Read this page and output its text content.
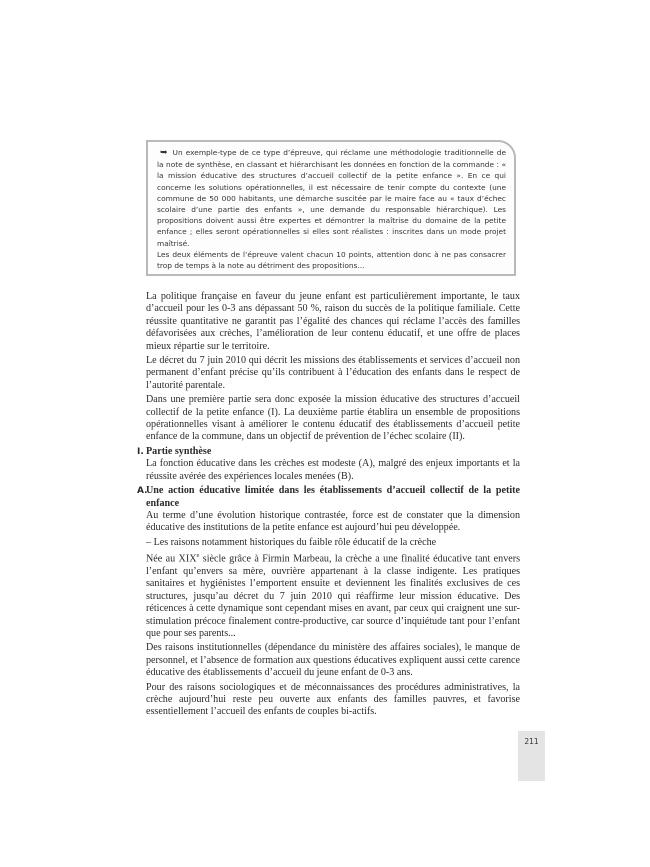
➥ Un exemple-type de ce type d’épreuve, qui réclame une méthodologie traditionnelle de la note de synthèse, en classant et hiérarchisant les données en fonction de la commande : « la mission éducative des structures d’accueil collectif de la petite enfance ». En ce qui concerne les solutions opérationnelles, il est nécessaire de tenir compte du contexte (une commune de 50 000 habitants, une démarche suscitée par le maire face au « taux d’échec scolaire d’une partie des enfants », une demande du responsable hiérarchique). Les propositions doivent aussi être expertes et démontrer la maîtrise du domaine de la petite enfance ; elles seront opérationnelles si elles sont réalistes : inscrites dans un mode projet maîtrisé.

Les deux éléments de l’épreuve valent chacun 10 points, attention donc à ne pas consacrer trop de temps à la note au détriment des propositions...

La politique française en faveur du jeune enfant est particulièrement importante, le taux d’accueil pour les 0-3 ans dépassant 50 %, raison du succès de la politique familiale. Cette réussite quantitative ne garantit pas l’égalité des chances qui réclame l’accès des familles défavorisées aux crèches, l’amélioration de leur contenu éducatif, et une offre de places mieux répartie sur le territoire.

Le décret du 7 juin 2010 qui décrit les missions des établissements et services d’accueil non permanent d’enfant précise qu’ils contribuent à l’éducation des enfants dans le respect de l’autorité parentale.

Dans une première partie sera donc exposée la mission éducative des structures d’accueil collectif de la petite enfance (I). La deuxième partie établira un ensemble de propositions opérationnelles visant à améliorer le contenu éducatif des établissements d’accueil petite enfance de la commune, dans un objectif de prévention de l’échec scolaire (II).

I. Partie synthèse

La fonction éducative dans les crèches est modeste (A), malgré des enjeux importants et la réussite avérée des expériences locales menées (B).

A.
Une action éducative limitée dans les établissements d’accueil collectif de la petite enfance

Au terme d’une évolution historique contrastée, force est de constater que la dimension éducative des institutions de la petite enfance est aujourd’hui peu développée.

– Les raisons notamment historiques du faible rôle éducatif de la crèche

Née au XIXe siècle grâce à Firmin Marbeau, la crèche a une finalité éducative tant envers l’enfant qu’envers sa mère, ouvrière appartenant à la classe indigente. Les pratiques sanitaires et hygiénistes l’emportent ensuite et deviennent les finalités exclusives de ces structures, jusqu’au décret du 7 juin 2010 qui réaffirme leur mission éducative. Des réticences à cette dynamique sont cependant mises en avant, par ceux qui craignent une sur-stimulation précoce finalement contre-productive, car source d’inquiétude tant pour l’enfant que pour ses parents...

Des raisons institutionnelles (dépendance du ministère des affaires sociales), le manque de personnel, et l’absence de formation aux questions éducatives expliquent aussi cette carence éducative des établissements d’accueil du jeune enfant de 0-3 ans.

Pour des raisons sociologiques et de méconnaissances des procédures administratives, la crèche aujourd’hui reste peu ouverte aux enfants des familles pauvres, et favorise essentiellement l’accueil des enfants de couples bi-actifs.

211
